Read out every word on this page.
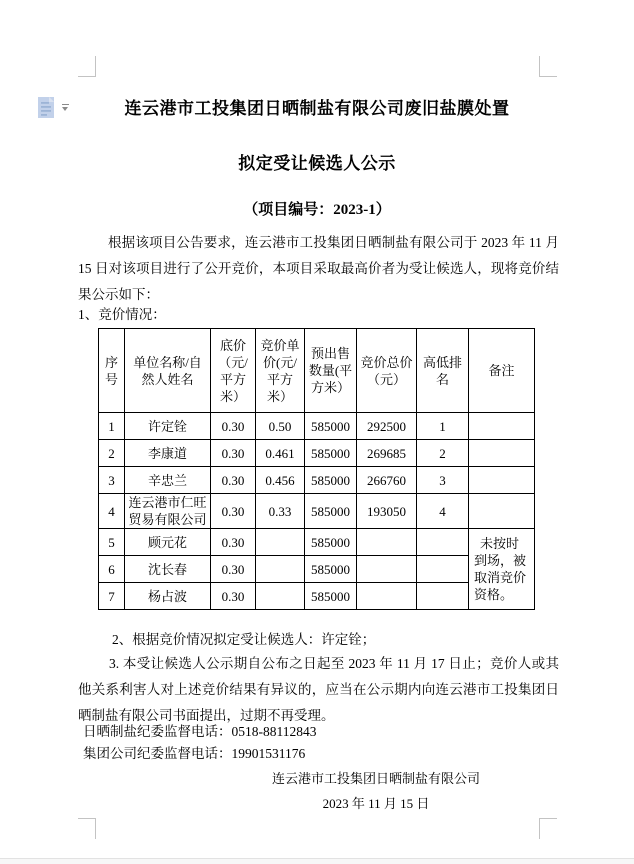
连云港市工投集团日晒制盐有限公司废旧盐膜处置
拟定受让候选人公示
（项目编号：2023-1）
根据该项目公告要求，连云港市工投集团日晒制盐有限公司于 2023 年 11 月 15 日对该项目进行了公开竞价，本项目采取最高价者为受让候选人，现将竞价结果公示如下：
1、竞价情况：
序号	单位名称/自然人姓名	底价（元/平方米）	竞价单价(元/平方米）	预出售数量(平方米）	竞价总价（元）	高低排名	备注
1	许定铨	0.30	0.50	585000	292500	1	
2	李康道	0.30	0.461	585000	269685	2	
3	辛忠兰	0.30	0.456	585000	266760	3	
4	连云港市仁旺贸易有限公司	0.30	0.33	585000	193050	4	
5	顾元花	0.30		585000			未按时到场，被取消竞价资格。
6	沈长春	0.30		585000			
7	杨占波	0.30		585000			
2、根据竞价情况拟定受让候选人：许定铨；
3. 本受让候选人公示期自公布之日起至 2023 年 11 月 17 日止；竞价人或其他关系利害人对上述竞价结果有异议的，应当在公示期内向连云港市工投集团日晒制盐有限公司书面提出，过期不再受理。
日晒制盐纪委监督电话：0518-88112843
集团公司纪委监督电话：19901531176
连云港市工投集团日晒制盐有限公司
2023 年 11 月 15 日
